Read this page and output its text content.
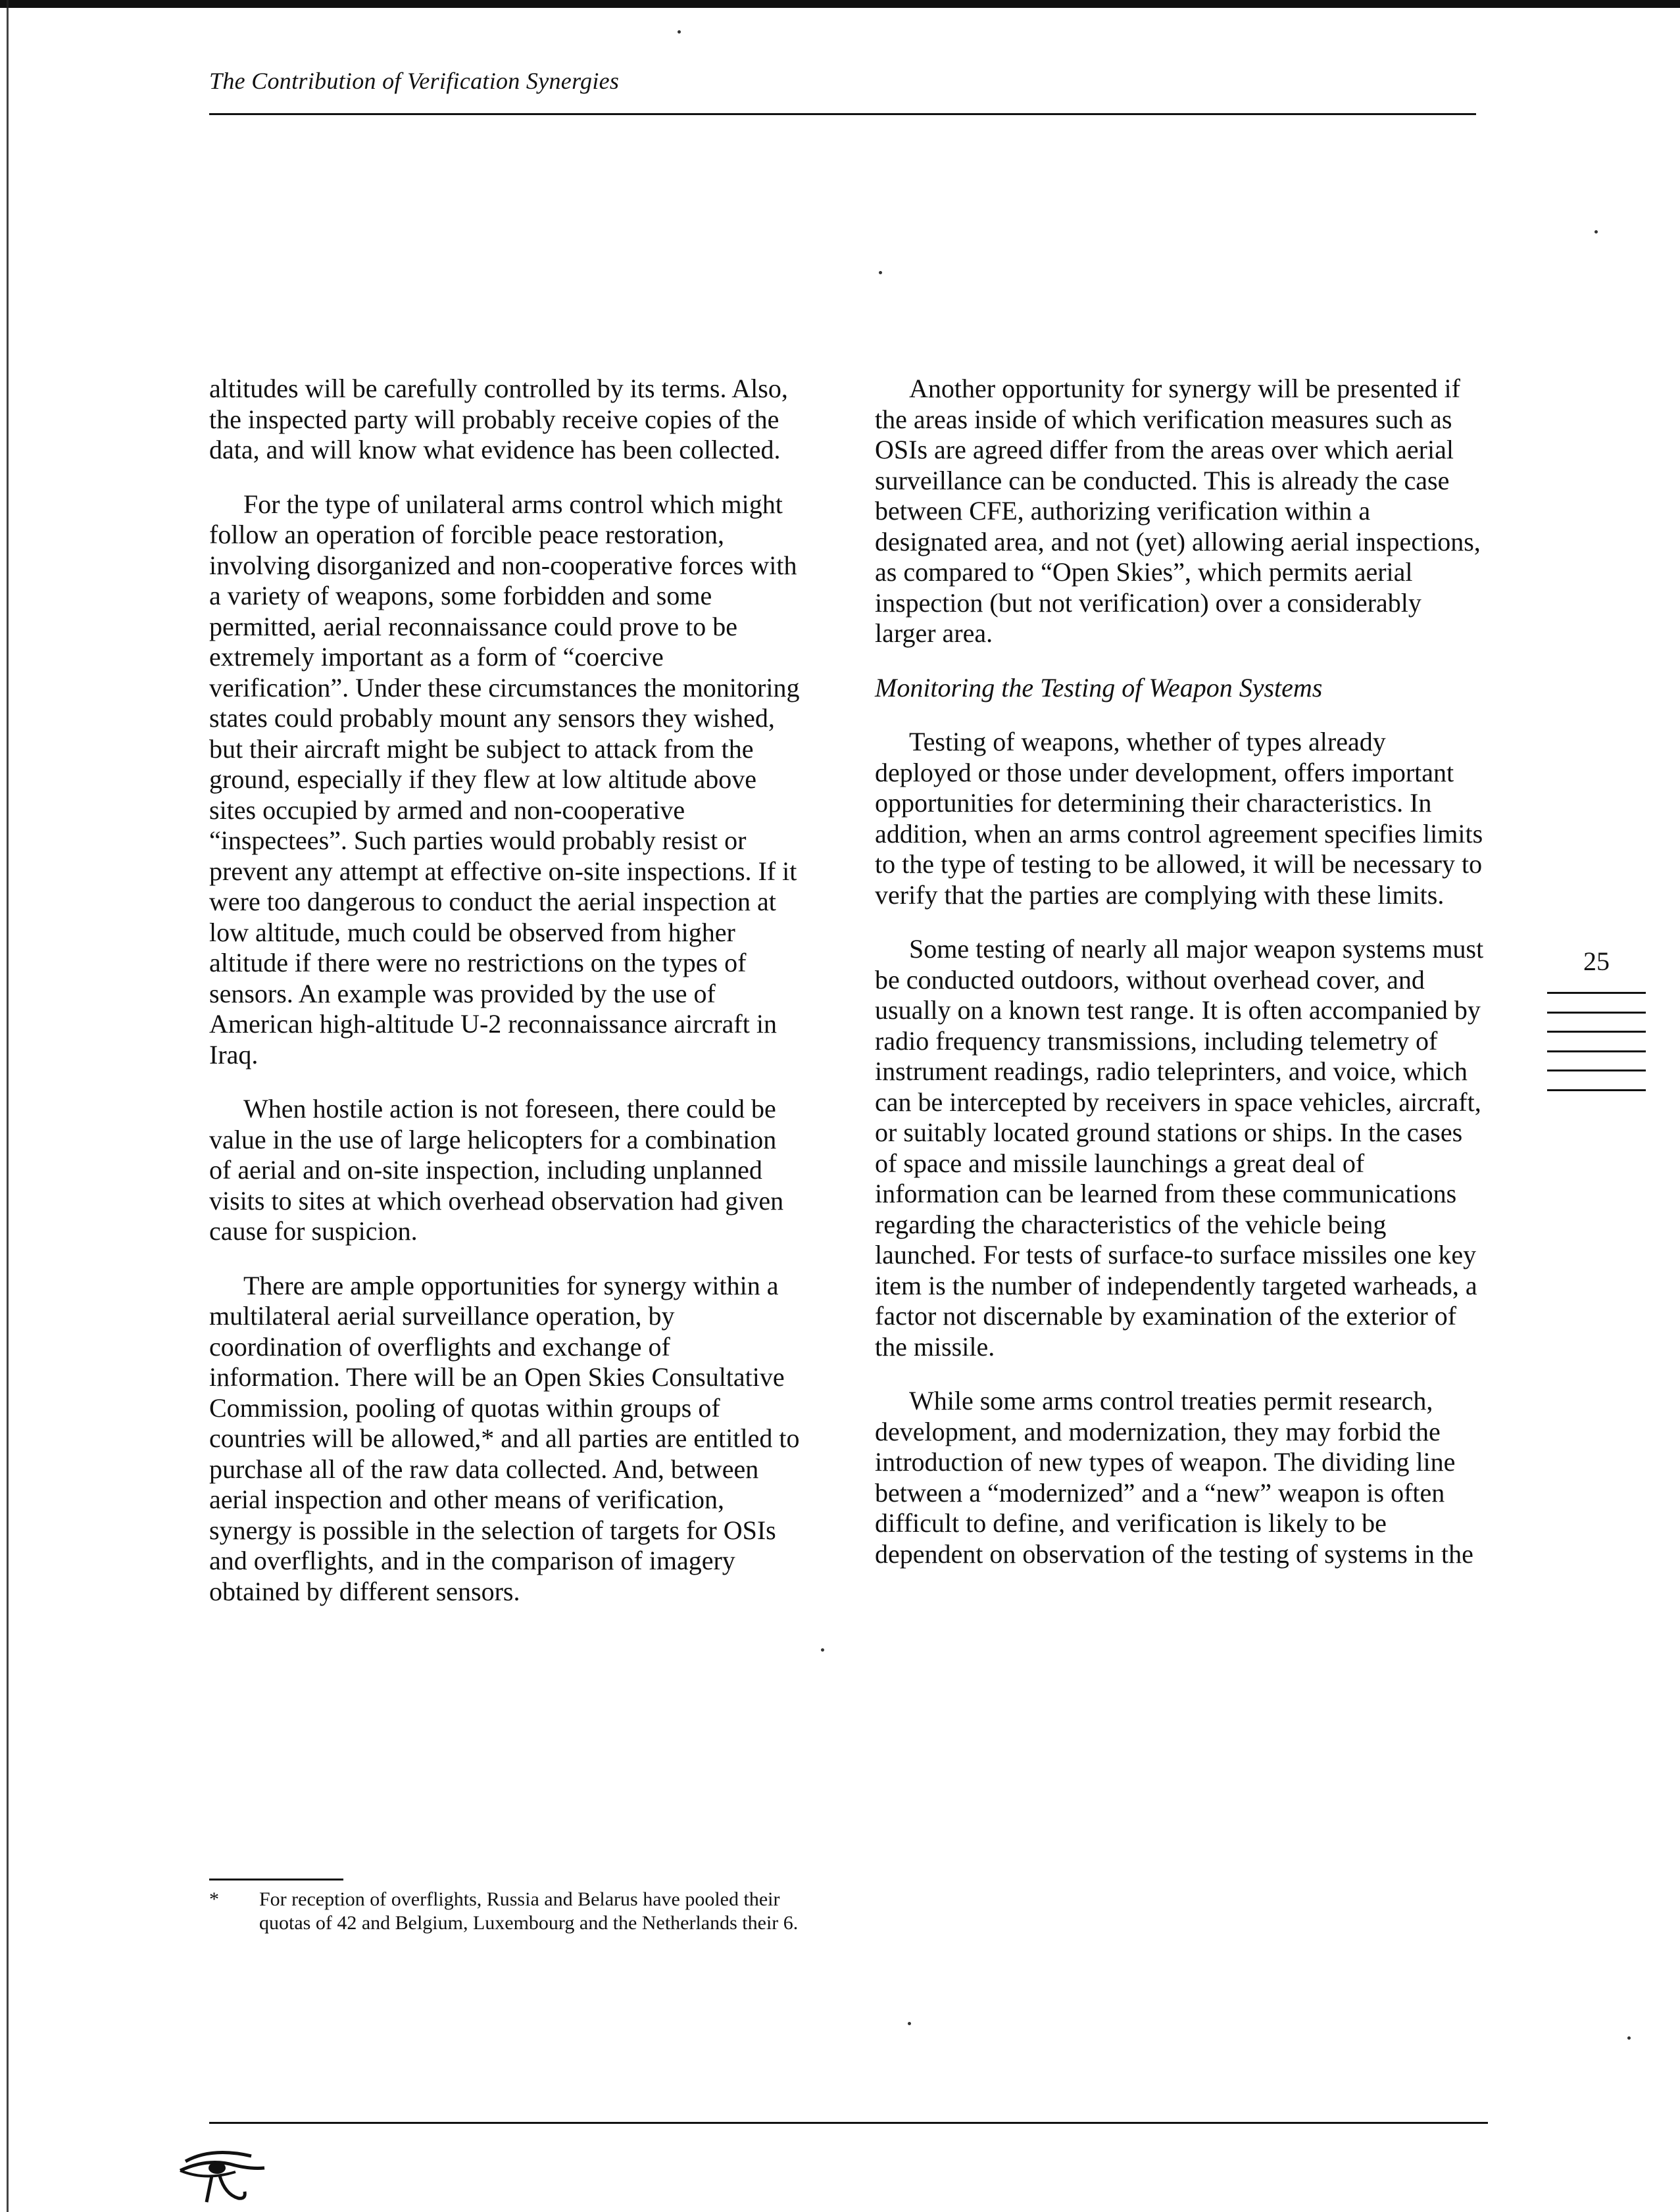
The Contribution of Verification Synergies

altitudes will be carefully controlled by its terms. Also, the inspected party will probably receive copies of the data, and will know what evidence has been collected.

For the type of unilateral arms control which might follow an operation of forcible peace restoration, involving disorganized and non-cooperative forces with a variety of weapons, some forbidden and some permitted, aerial reconnaissance could prove to be extremely important as a form of “coercive verification”. Under these circumstances the monitoring states could probably mount any sensors they wished, but their aircraft might be subject to attack from the ground, especially if they flew at low altitude above sites occupied by armed and non-cooperative “inspectees”. Such parties would probably resist or prevent any attempt at effective on-site inspections. If it were too dangerous to conduct the aerial inspection at low altitude, much could be observed from higher altitude if there were no restrictions on the types of sensors. An example was provided by the use of American high-altitude U-2 reconnaissance aircraft in Iraq.

When hostile action is not foreseen, there could be value in the use of large helicopters for a combination of aerial and on-site inspection, including unplanned visits to sites at which overhead observation had given cause for suspicion.

There are ample opportunities for synergy within a multilateral aerial surveillance operation, by coordination of overflights and exchange of information. There will be an Open Skies Consultative Commission, pooling of quotas within groups of countries will be allowed,* and all parties are entitled to purchase all of the raw data collected. And, between aerial inspection and other means of verification, synergy is possible in the selection of targets for OSIs and overflights, and in the comparison of imagery obtained by different sensors.

Another opportunity for synergy will be presented if the areas inside of which verification measures such as OSIs are agreed differ from the areas over which aerial surveillance can be conducted. This is already the case between CFE, authorizing verification within a designated area, and not (yet) allowing aerial inspections, as compared to “Open Skies”, which permits aerial inspection (but not verification) over a considerably larger area.

Monitoring the Testing of Weapon Systems

Testing of weapons, whether of types already deployed or those under development, offers important opportunities for determining their characteristics. In addition, when an arms control agreement specifies limits to the type of testing to be allowed, it will be necessary to verify that the parties are complying with these limits.

Some testing of nearly all major weapon systems must be conducted outdoors, without overhead cover, and usually on a known test range. It is often accompanied by radio frequency transmissions, including telemetry of instrument readings, radio teleprinters, and voice, which can be intercepted by receivers in space vehicles, aircraft, or suitably located ground stations or ships. In the cases of space and missile launchings a great deal of information can be learned from these communications regarding the characteristics of the vehicle being launched. For tests of surface-to surface missiles one key item is the number of independently targeted warheads, a factor not discernable by examination of the exterior of the missile.

While some arms control treaties permit research, development, and modernization, they may forbid the introduction of new types of weapon. The dividing line between a “modernized” and a “new” weapon is often difficult to define, and verification is likely to be dependent on observation of the testing of systems in the

25
* For reception of overflights, Russia and Belarus have pooled their quotas of 42 and Belgium, Luxembourg and the Netherlands their 6.
